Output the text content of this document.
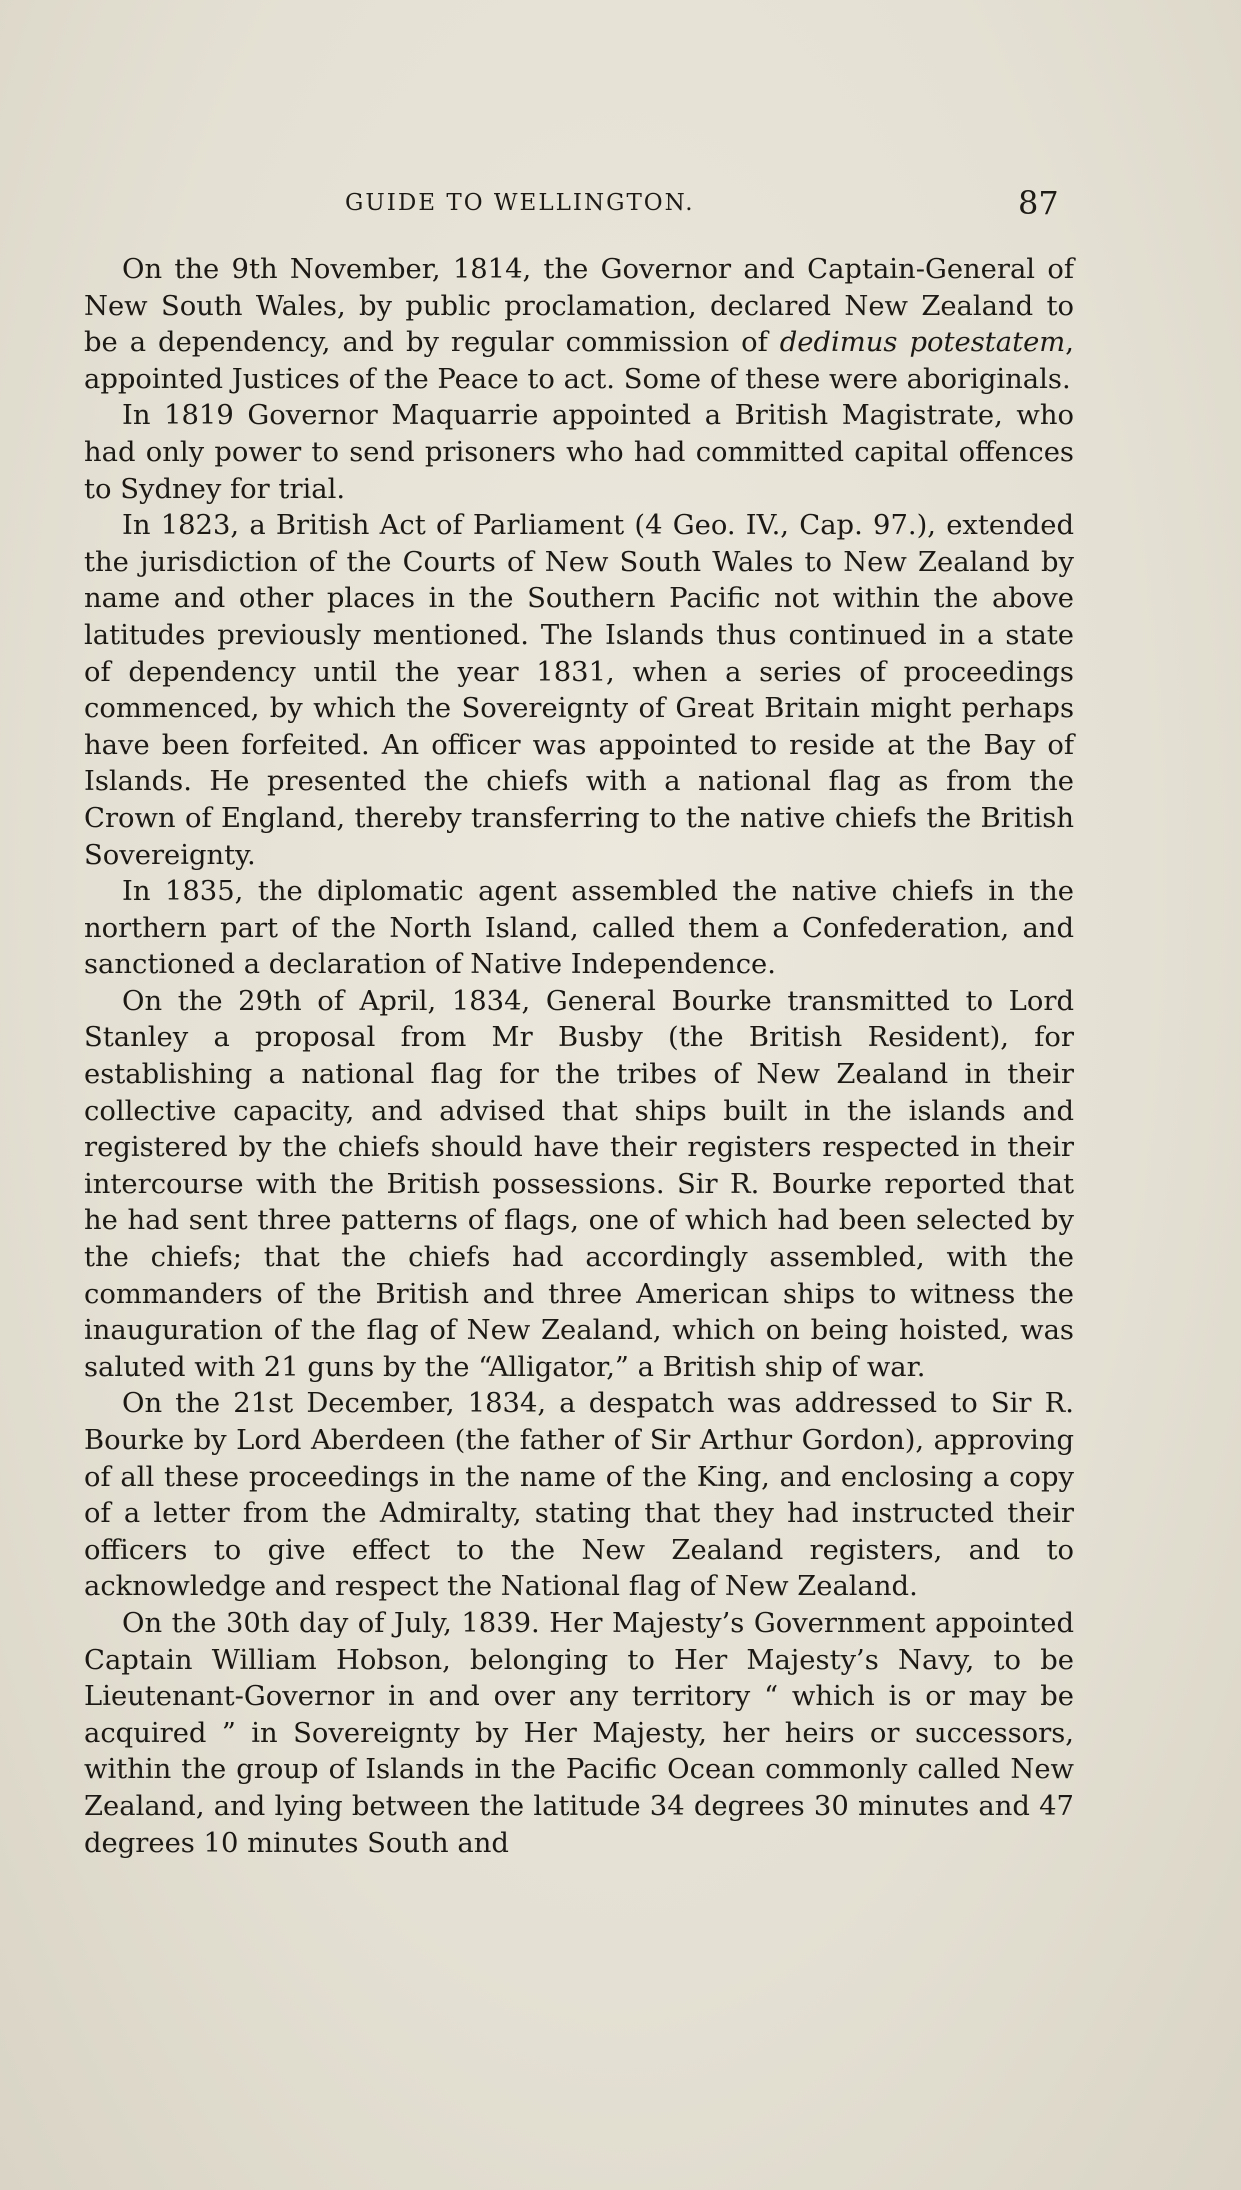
GUIDE TO WELLINGTON.	87

On the 9th November, 1814, the Governor and Captain-General of New South Wales, by public proclamation, declared New Zealand to be a dependency, and by regular commission of dedimus potestatem, appointed Justices of the Peace to act. Some of these were aboriginals.

In 1819 Governor Maquarrie appointed a British Magistrate, who had only power to send prisoners who had committed capital offences to Sydney for trial.

In 1823, a British Act of Parliament (4 Geo. IV., Cap. 97.), extended the jurisdiction of the Courts of New South Wales to New Zealand by name and other places in the Southern Pacific not within the above latitudes previously mentioned. The Islands thus continued in a state of dependency until the year 1831, when a series of proceedings commenced, by which the Sovereignty of Great Britain might perhaps have been forfeited. An officer was appointed to reside at the Bay of Islands. He presented the chiefs with a national flag as from the Crown of England, thereby transferring to the native chiefs the British Sovereignty.

In 1835, the diplomatic agent assembled the native chiefs in the northern part of the North Island, called them a Confederation, and sanctioned a declaration of Native Independence.

On the 29th of April, 1834, General Bourke transmitted to Lord Stanley a proposal from Mr Busby (the British Resident), for establishing a national flag for the tribes of New Zealand in their collective capacity, and advised that ships built in the islands and registered by the chiefs should have their registers respected in their intercourse with the British possessions. Sir R. Bourke reported that he had sent three patterns of flags, one of which had been selected by the chiefs; that the chiefs had accordingly assembled, with the commanders of the British and three American ships to witness the inauguration of the flag of New Zealand, which on being hoisted, was saluted with 21 guns by the “Alligator,” a British ship of war.

On the 21st December, 1834, a despatch was addressed to Sir R. Bourke by Lord Aberdeen (the father of Sir Arthur Gordon), approving of all these proceedings in the name of the King, and enclosing a copy of a letter from the Admiralty, stating that they had instructed their officers to give effect to the New Zealand registers, and to acknowledge and respect the National flag of New Zealand.

On the 30th day of July, 1839. Her Majesty’s Government appointed Captain William Hobson, belonging to Her Majesty’s Navy, to be Lieutenant-Governor in and over any territory “ which is or may be acquired ” in Sovereignty by Her Majesty, her heirs or successors, within the group of Islands in the Pacific Ocean commonly called New Zealand, and lying between the latitude 34 degrees 30 minutes and 47 degrees 10 minutes South and
